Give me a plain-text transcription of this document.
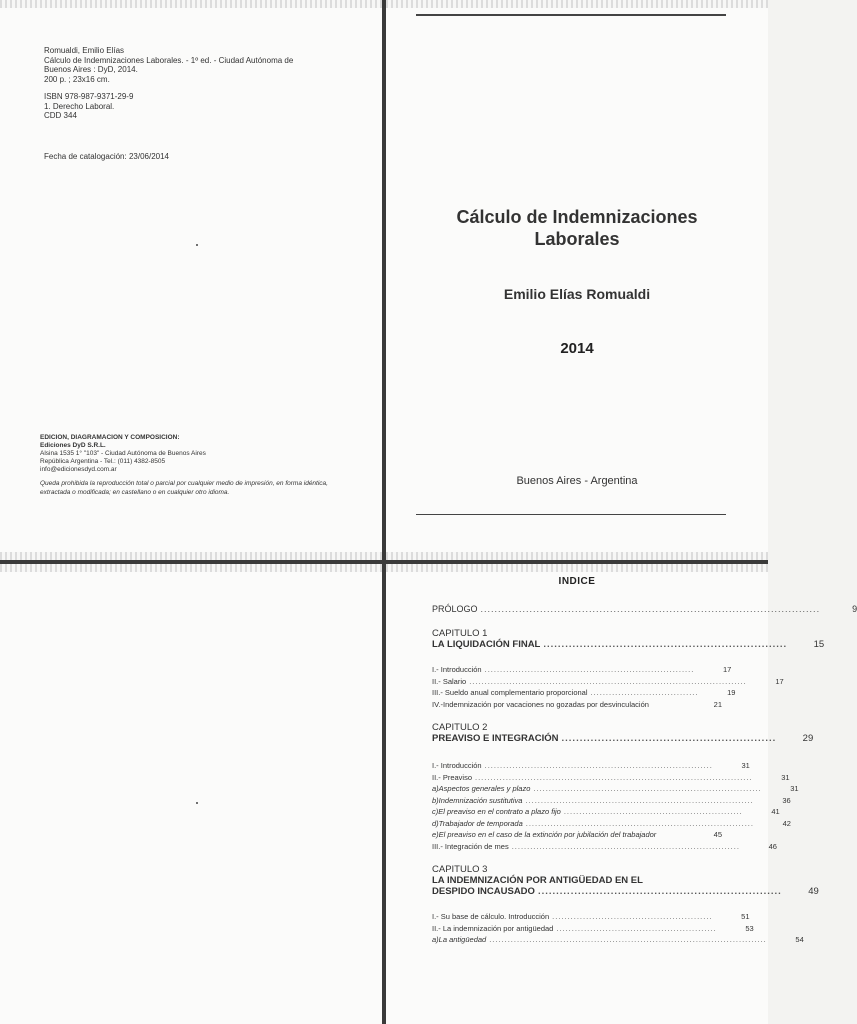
Romualdi, Emilio Elías
Cálculo de Indemnizaciones Laborales. - 1º ed. - Ciudad Autónoma de
Buenos Aires : DyD, 2014.
200 p. ; 23x16 cm.
ISBN 978-987-9371-29-9
1. Derecho Laboral.
CDD 344
Fecha de catalogación: 23/06/2014
EDICION, DIAGRAMACION Y COMPOSICION:
Ediciones DyD S.R.L.
Alsina 1535 1° "103" - Ciudad Autónoma de Buenos Aires
República Argentina - Tel.: (011) 4382-8505
info@edicionesdyd.com.ar
Queda prohibida la reproducción total o parcial por cualquier medio de impresión, en forma idéntica, extractada o modificada; en castellano o en cualquier otro idioma.
Cálculo de Indemnizaciones
Laborales
Emilio Elías Romualdi
2014
Buenos Aires - Argentina
INDICE
PRÓLOGO .................................................................................................	9
CAPITULO 1
LA LIQUIDACIÓN FINAL ...................................................................	15
I.- Introducción ....................................................................	17
II.- Salario ..........................................................................................	17
III.- Sueldo anual complementario proporcional ...................................	19
IV.-Indemnización por vacaciones no gozadas por desvinculación	21
CAPITULO 2
PREAVISO E INTEGRACIÓN ...........................................................	29
I.- Introducción ..........................................................................	31
II.- Preaviso ..........................................................................................	31
a)Aspectos generales y plazo ..........................................................................	31
b)Indemnización sustitutiva ..........................................................................	36
c)El preaviso en el contrato a plazo fijo ..........................................................	41
d)Trabajador de temporada ..........................................................................	42
e)El preaviso en el caso de la extinción por jubilación del trabajador	45
III.- Integración de mes ..........................................................................	46
CAPITULO 3
LA INDEMNIZACIÓN POR ANTIGÜEDAD EN EL
DESPIDO INCAUSADO ...................................................................	49
I.- Su base de cálculo. Introducción ....................................................	51
II.- La indemnización por antigüedad ....................................................	53
a)La antigüedad ..........................................................................................	54
